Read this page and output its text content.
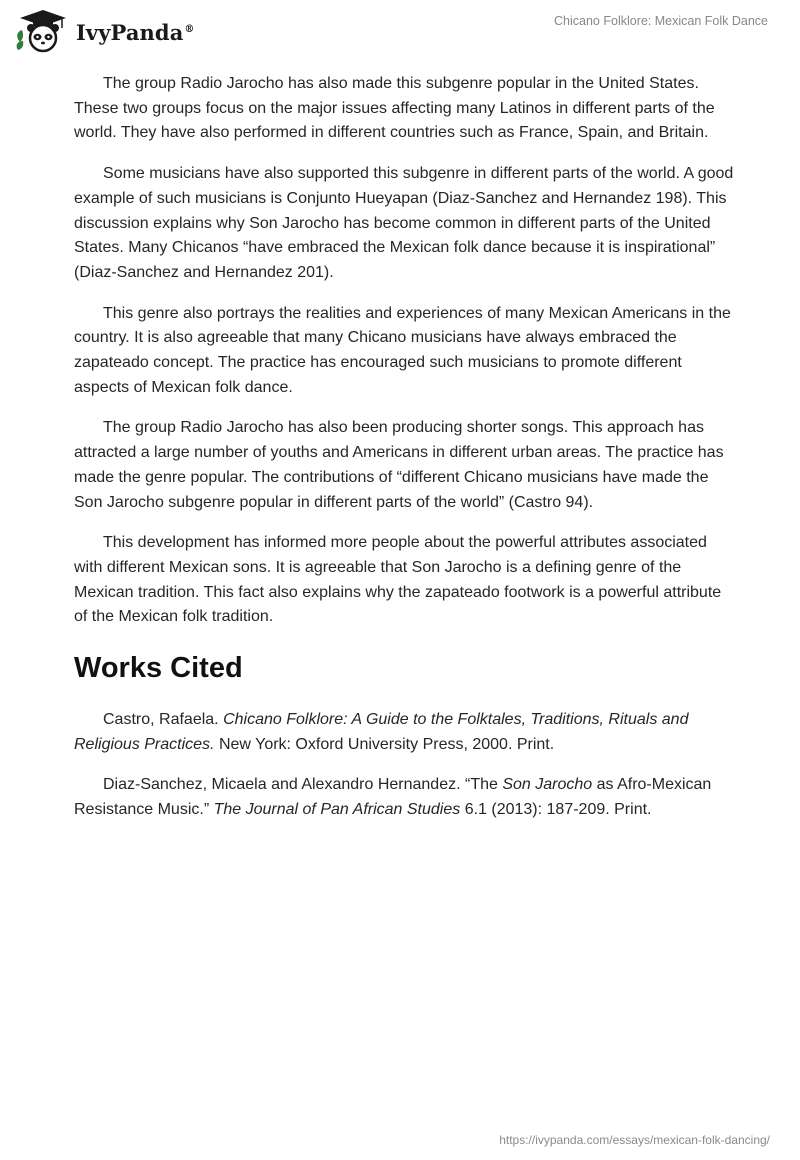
IvyPanda®
Chicano Folklore: Mexican Folk Dance

The group Radio Jarocho has also made this subgenre popular in the United States. These two groups focus on the major issues affecting many Latinos in different parts of the world. They have also performed in different countries such as France, Spain, and Britain.

Some musicians have also supported this subgenre in different parts of the world. A good example of such musicians is Conjunto Hueyapan (Diaz-Sanchez and Hernandez 198). This discussion explains why Son Jarocho has become common in different parts of the United States. Many Chicanos “have embraced the Mexican folk dance because it is inspirational” (Diaz-Sanchez and Hernandez 201).

This genre also portrays the realities and experiences of many Mexican Americans in the country. It is also agreeable that many Chicano musicians have always embraced the zapateado concept. The practice has encouraged such musicians to promote different aspects of Mexican folk dance.

The group Radio Jarocho has also been producing shorter songs. This approach has attracted a large number of youths and Americans in different urban areas. The practice has made the genre popular. The contributions of “different Chicano musicians have made the Son Jarocho subgenre popular in different parts of the world” (Castro 94).

This development has informed more people about the powerful attributes associated with different Mexican sons. It is agreeable that Son Jarocho is a defining genre of the Mexican tradition. This fact also explains why the zapateado footwork is a powerful attribute of the Mexican folk tradition.

Works Cited

Castro, Rafaela. Chicano Folklore: A Guide to the Folktales, Traditions, Rituals and Religious Practices. New York: Oxford University Press, 2000. Print.

Diaz-Sanchez, Micaela and Alexandro Hernandez. “The Son Jarocho as Afro-Mexican Resistance Music.” The Journal of Pan African Studies 6.1 (2013): 187-209. Print.

https://ivypanda.com/essays/mexican-folk-dancing/
